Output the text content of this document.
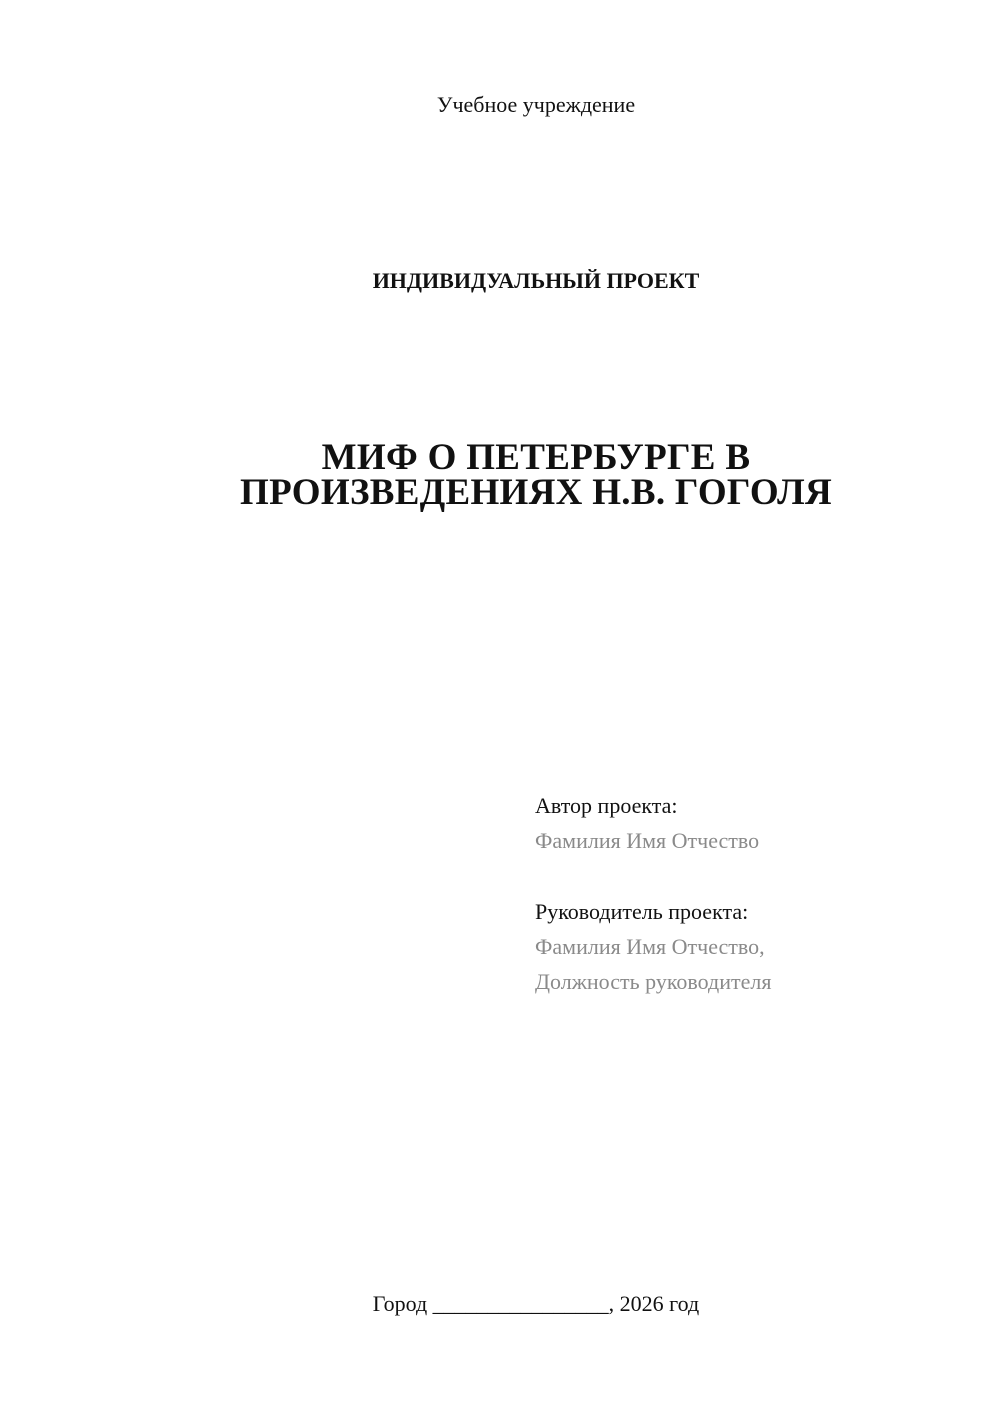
Учебное учреждение
ИНДИВИДУАЛЬНЫЙ ПРОЕКТ
МИФ О ПЕТЕРБУРГЕ В
ПРОИЗВЕДЕНИЯХ Н.В. ГОГОЛЯ
Автор проекта:
Фамилия Имя Отчество
Руководитель проекта:
Фамилия Имя Отчество,
Должность руководителя
Город ________________, 2026 год
